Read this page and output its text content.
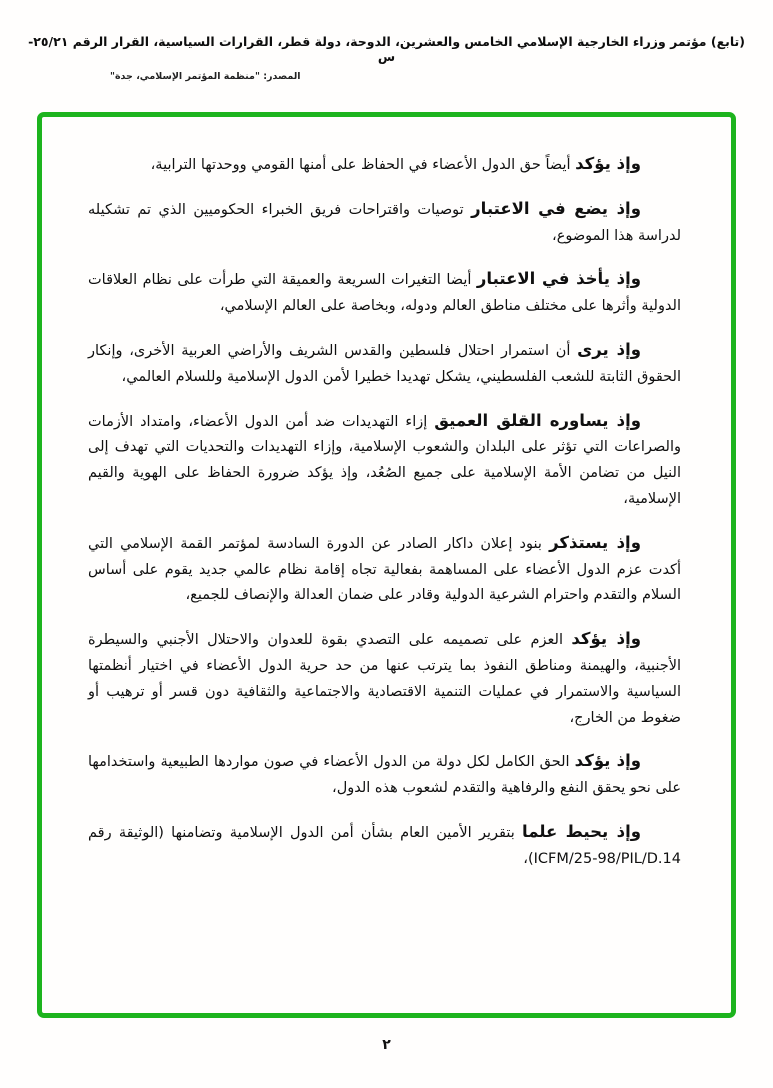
(تابع) مؤتمر وزراء الخارجية الإسلامي الخامس والعشرين، الدوحة، دولة قطر، القرارات السياسية، القرار الرقم ٢٥/٢١-س
المصدر: "منظمة المؤتمر الإسلامي، جدة"

وإذ يؤكد أيضاً حق الدول الأعضاء في الحفاظ على أمنها القومي ووحدتها الترابية،

وإذ يضع في الاعتبار توصيات واقتراحات فريق الخبراء الحكوميين الذي تم تشكيله لدراسة هذا الموضوع،

وإذ يأخذ في الاعتبار أيضا التغيرات السريعة والعميقة التي طرأت على نظام العلاقات الدولية وأثرها على مختلف مناطق العالم ودوله، وبخاصة على العالم الإسلامي،

وإذ يرى أن استمرار احتلال فلسطين والقدس الشريف والأراضي العربية الأخرى، وإنكار الحقوق الثابتة للشعب الفلسطيني، يشكل تهديدا خطيرا لأمن الدول الإسلامية وللسلام العالمي،

وإذ يساوره القلق العميق إزاء التهديدات ضد أمن الدول الأعضاء، وامتداد الأزمات والصراعات التي تؤثر على البلدان والشعوب الإسلامية، وإزاء التهديدات والتحديات التي تهدف إلى النيل من تضامن الأمة الإسلامية على جميع الصُعُد، وإذ يؤكد ضرورة الحفاظ على الهوية والقيم الإسلامية،

وإذ يستذكر بنود إعلان داكار الصادر عن الدورة السادسة لمؤتمر القمة الإسلامي التي أكدت عزم الدول الأعضاء على المساهمة بفعالية تجاه إقامة نظام عالمي جديد يقوم على أساس السلام والتقدم واحترام الشرعية الدولية وقادر على ضمان العدالة والإنصاف للجميع،

وإذ يؤكد العزم على تصميمه على التصدي بقوة للعدوان والاحتلال الأجنبي والسيطرة الأجنبية، والهيمنة ومناطق النفوذ بما يترتب عنها من حد حرية الدول الأعضاء في اختيار أنظمتها السياسية والاستمرار في عمليات التنمية الاقتصادية والاجتماعية والثقافية دون قسر أو ترهيب أو ضغوط من الخارج،

وإذ يؤكد الحق الكامل لكل دولة من الدول الأعضاء في صون مواردها الطبيعية واستخدامها على نحو يحقق النفع والرفاهية والتقدم لشعوب هذه الدول،

وإذ يحيط علما بتقرير الأمين العام بشأن أمن الدول الإسلامية وتضامنها (الوثيقة رقم ICFM/25-98/PIL/D.14)،

٢
